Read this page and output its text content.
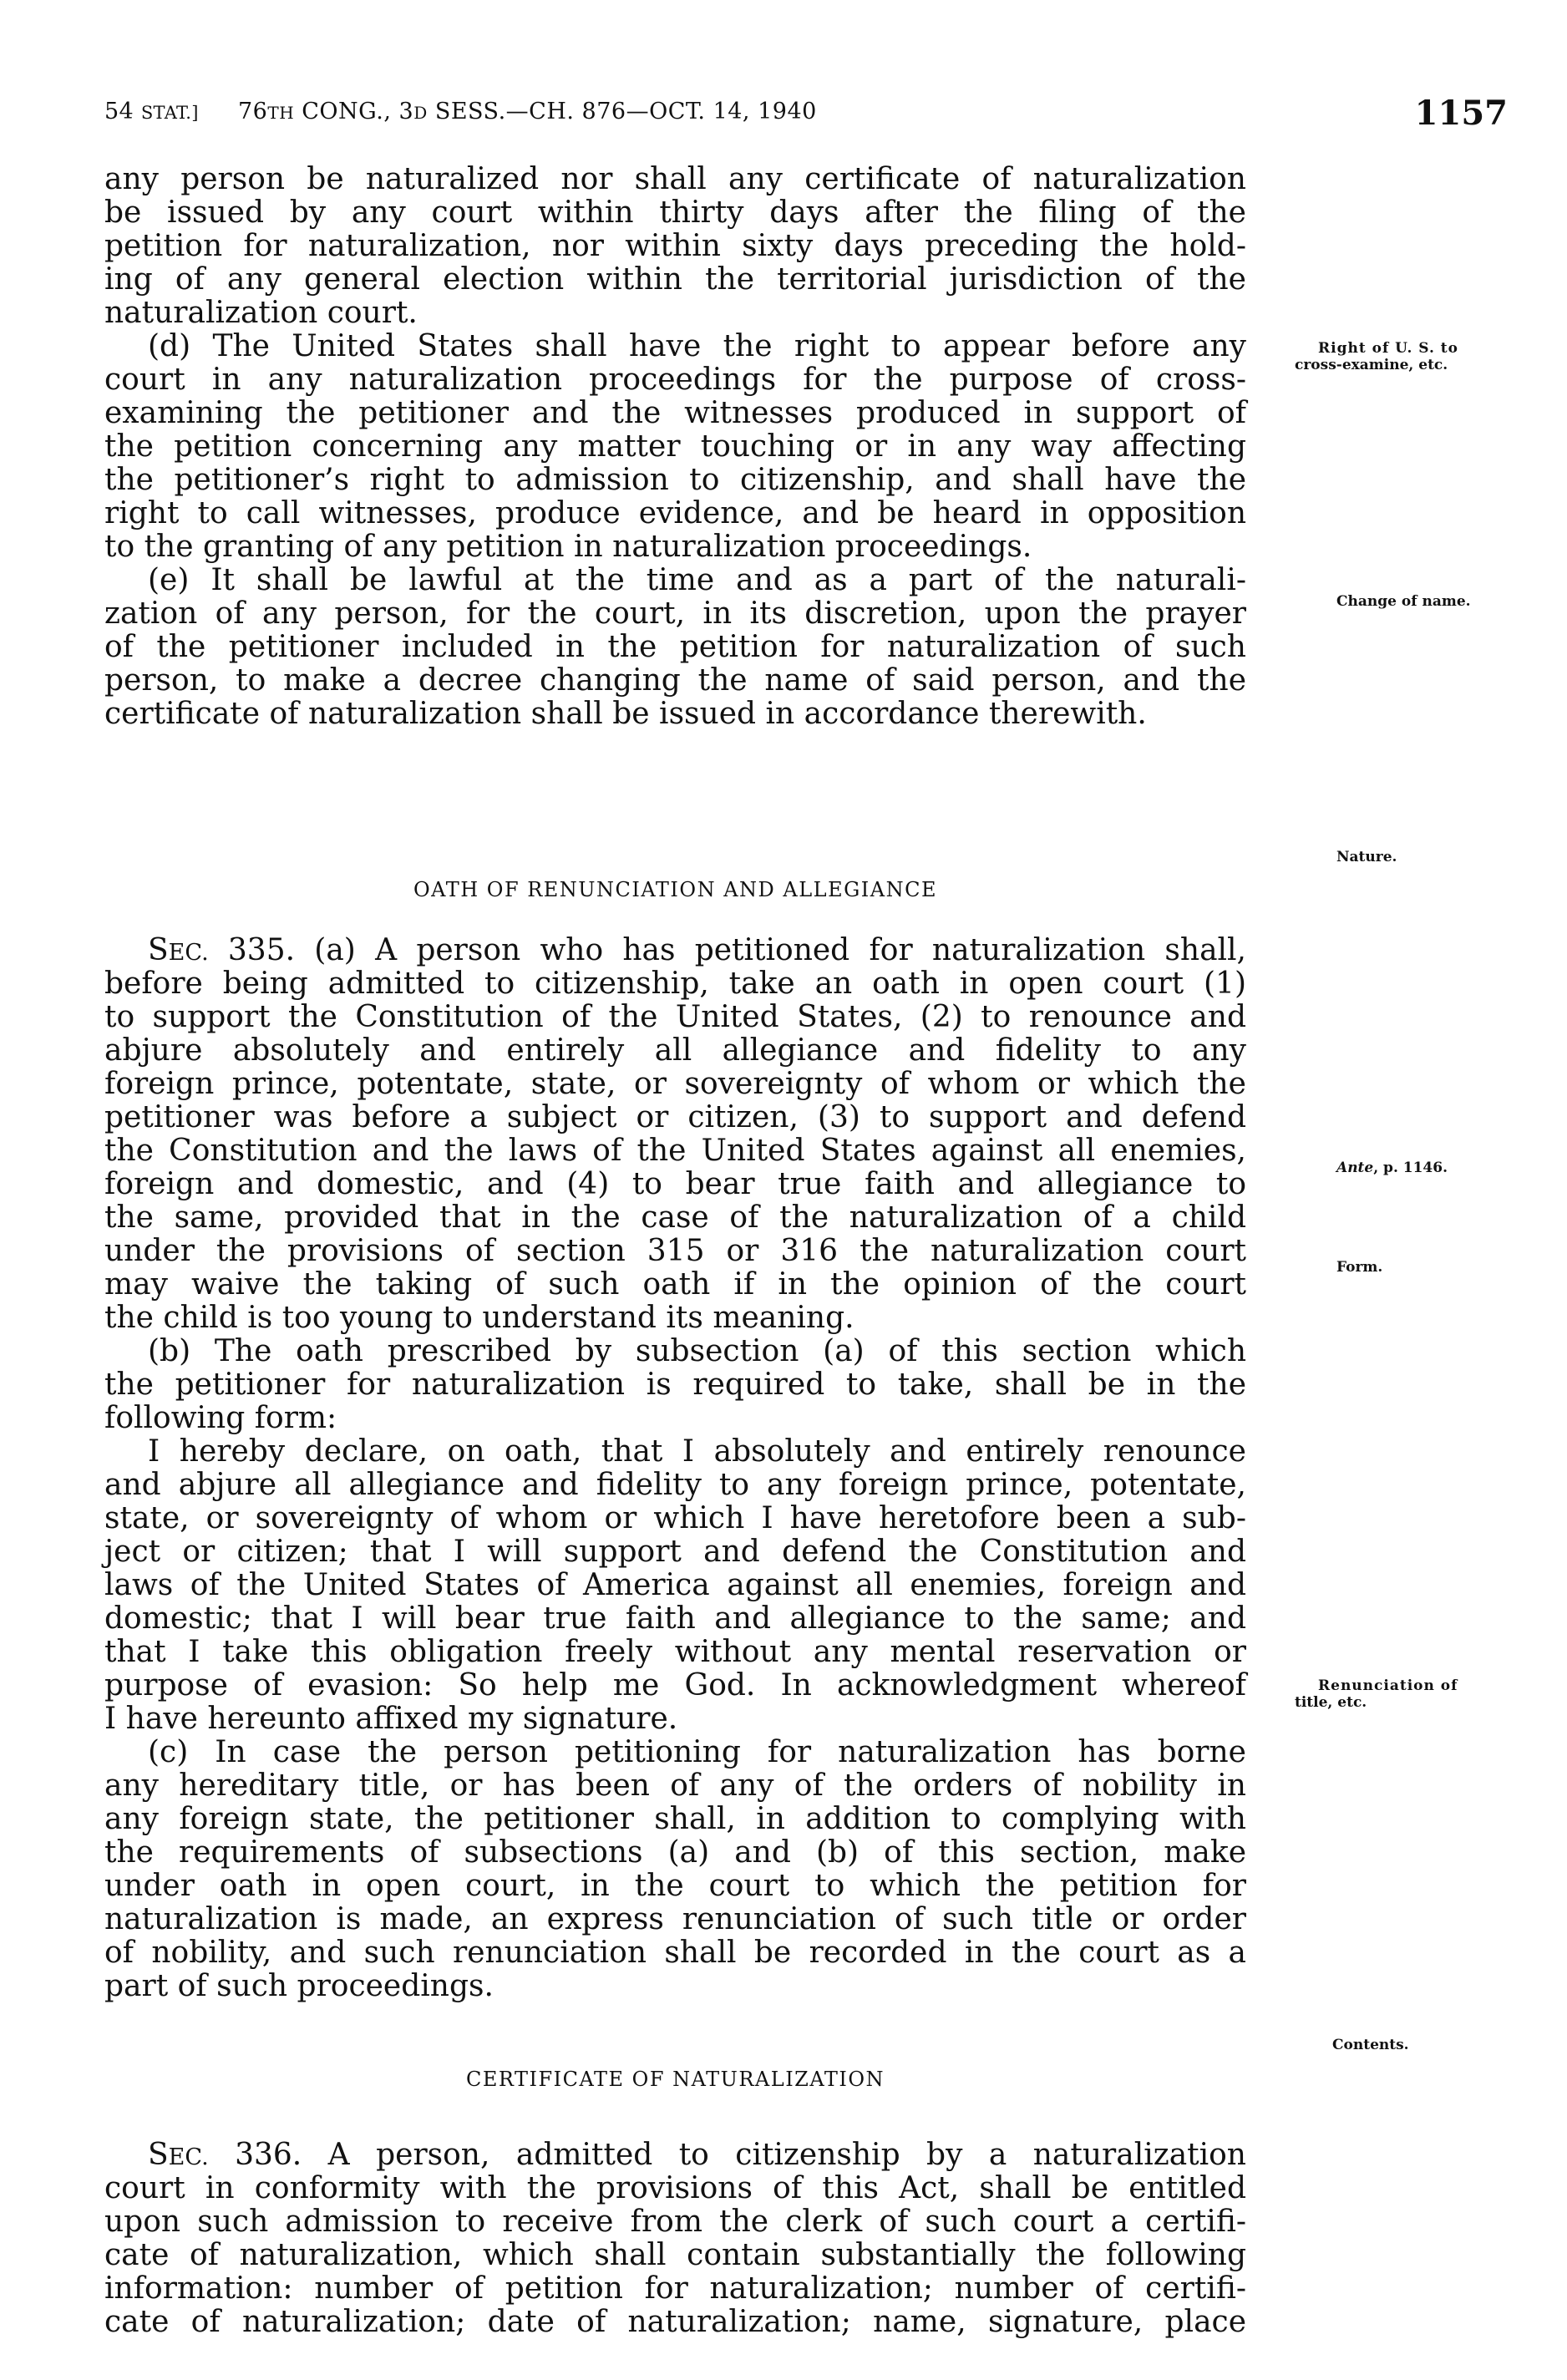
54 STAT.] 76TH CONG., 3D SESS.—CH. 876—OCT. 14, 1940	1157
any person be naturalized nor shall any certificate of naturalization
be issued by any court within thirty days after the filing of the
petition for naturalization, nor within sixty days preceding the hold-
ing of any general election within the territorial jurisdiction of the
naturalization court.
(d) The United States shall have the right to appear before any
court in any naturalization proceedings for the purpose of cross-
examining the petitioner and the witnesses produced in support of
the petition concerning any matter touching or in any way affecting
the petitioner’s right to admission to citizenship, and shall have the
right to call witnesses, produce evidence, and be heard in opposition
to the granting of any petition in naturalization proceedings.
(e) It shall be lawful at the time and as a part of the naturali-
zation of any person, for the court, in its discretion, upon the prayer
of the petitioner included in the petition for naturalization of such
person, to make a decree changing the name of said person, and the
certificate of naturalization shall be issued in accordance therewith.
OATH OF RENUNCIATION AND ALLEGIANCE
SEC. 335. (a) A person who has petitioned for naturalization shall,
before being admitted to citizenship, take an oath in open court (1)
to support the Constitution of the United States, (2) to renounce and
abjure absolutely and entirely all allegiance and fidelity to any
foreign prince, potentate, state, or sovereignty of whom or which the
petitioner was before a subject or citizen, (3) to support and defend
the Constitution and the laws of the United States against all enemies,
foreign and domestic, and (4) to bear true faith and allegiance to
the same, provided that in the case of the naturalization of a child
under the provisions of section 315 or 316 the naturalization court
may waive the taking of such oath if in the opinion of the court
the child is too young to understand its meaning.
(b) The oath prescribed by subsection (a) of this section which
the petitioner for naturalization is required to take, shall be in the
following form:
I hereby declare, on oath, that I absolutely and entirely renounce
and abjure all allegiance and fidelity to any foreign prince, potentate,
state, or sovereignty of whom or which I have heretofore been a sub-
ject or citizen; that I will support and defend the Constitution and
laws of the United States of America against all enemies, foreign and
domestic; that I will bear true faith and allegiance to the same; and
that I take this obligation freely without any mental reservation or
purpose of evasion: So help me God. In acknowledgment whereof
I have hereunto affixed my signature.
(c) In case the person petitioning for naturalization has borne
any hereditary title, or has been of any of the orders of nobility in
any foreign state, the petitioner shall, in addition to complying with
the requirements of subsections (a) and (b) of this section, make
under oath in open court, in the court to which the petition for
naturalization is made, an express renunciation of such title or order
of nobility, and such renunciation shall be recorded in the court as a
part of such proceedings.
CERTIFICATE OF NATURALIZATION
SEC. 336. A person, admitted to citizenship by a naturalization
court in conformity with the provisions of this Act, shall be entitled
upon such admission to receive from the clerk of such court a certifi-
cate of naturalization, which shall contain substantially the following
information: number of petition for naturalization; number of certifi-
cate of naturalization; date of naturalization; name, signature, place
Right of U. S. to
cross-examine, etc.
Change of name.
Nature.
Ante, p. 1146.
Form.
Renunciation of
title, etc.
Contents.
